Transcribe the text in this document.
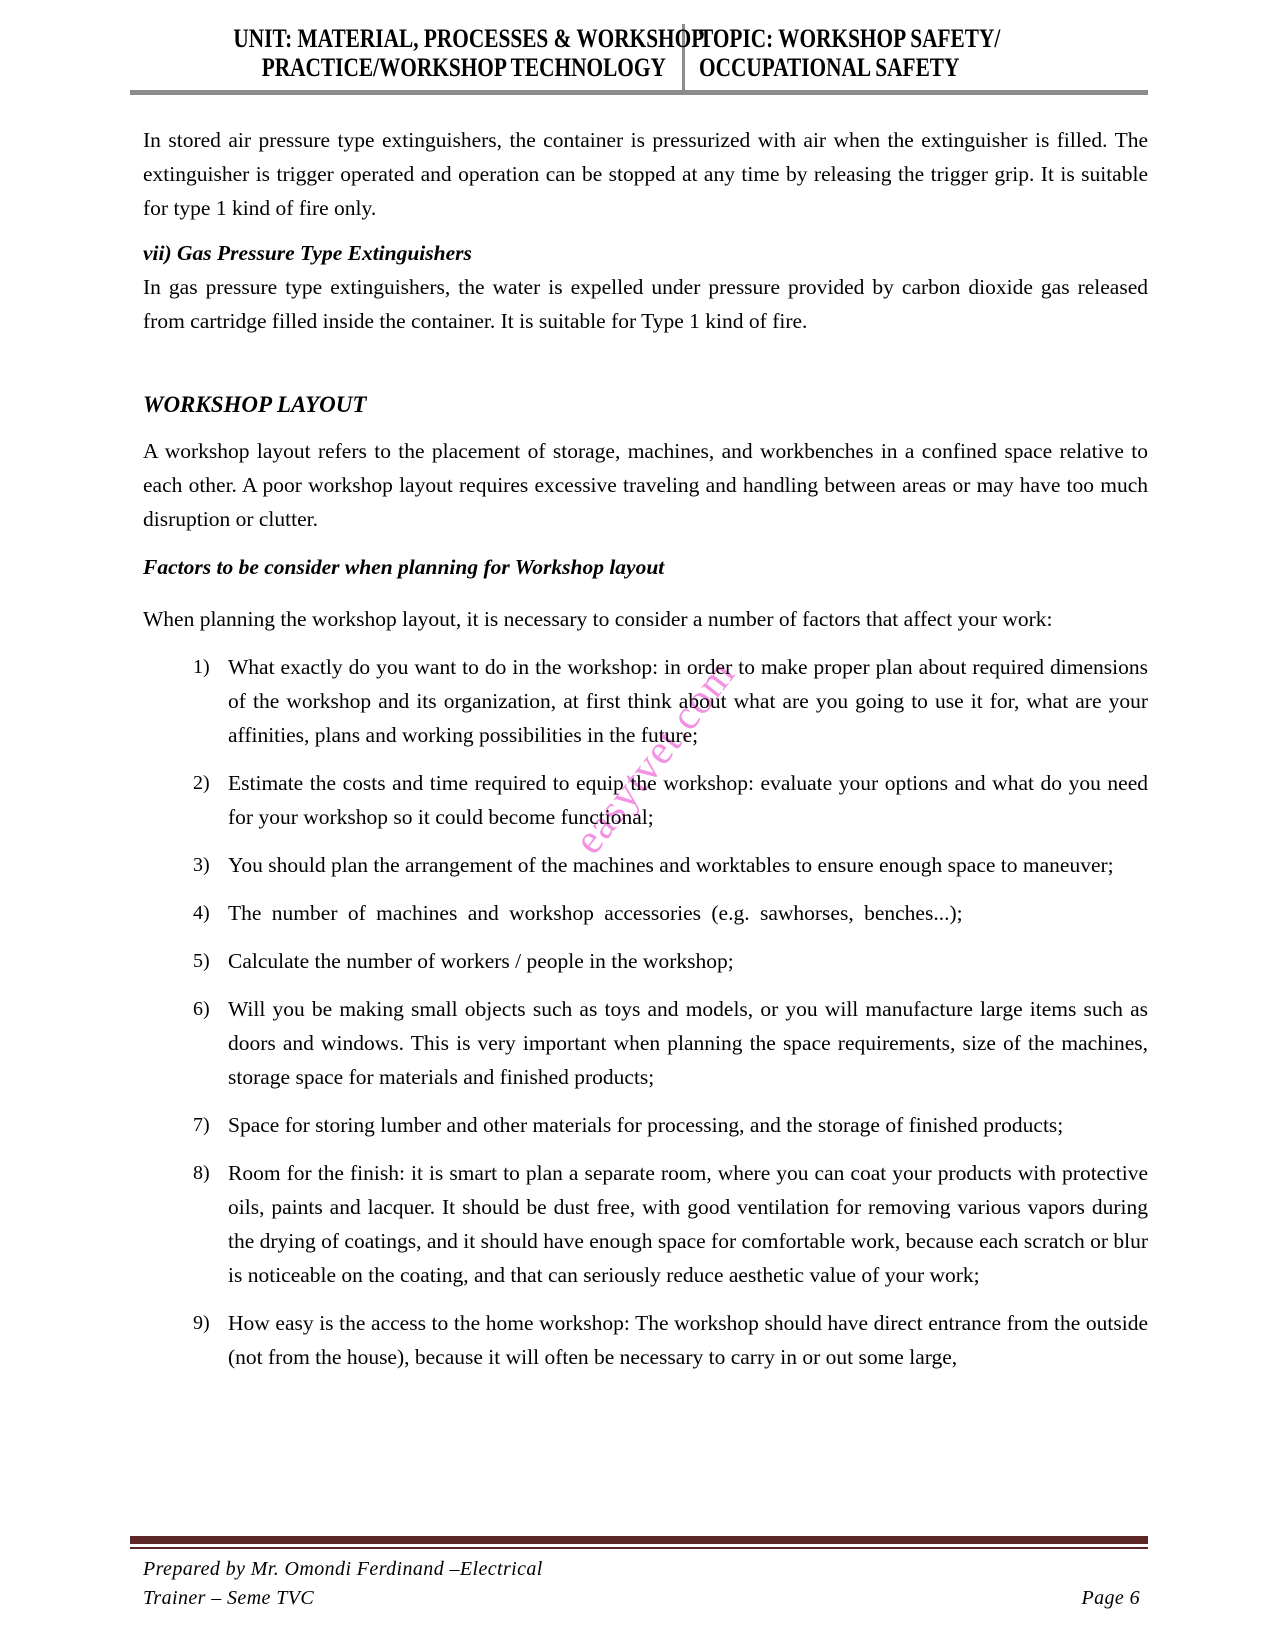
UNIT: MATERIAL, PROCESSES & WORKSHOP
PRACTICE/WORKSHOP TECHNOLOGY
TOPIC: WORKSHOP SAFETY/
OCCUPATIONAL SAFETY
easytvet.com

In stored air pressure type extinguishers, the container is pressurized with air when the extinguisher is filled. The extinguisher is trigger operated and operation can be stopped at any time by releasing the trigger grip. It is suitable for type 1 kind of fire only.

vii) Gas Pressure Type Extinguishers

In gas pressure type extinguishers, the water is expelled under pressure provided by carbon dioxide gas released from cartridge filled inside the container. It is suitable for Type 1 kind of fire.

WORKSHOP LAYOUT

A workshop layout refers to the placement of storage, machines, and workbenches in a confined space relative to each other. A poor workshop layout requires excessive traveling and handling between areas or may have too much disruption or clutter.

Factors to be consider when planning for Workshop layout

When planning the workshop layout, it is necessary to consider a number of factors that affect your work:

1) What exactly do you want to do in the workshop: in order to make proper plan about required dimensions of the workshop and its organization, at first think about what are you going to use it for, what are your affinities, plans and working possibilities in the future;
2) Estimate the costs and time required to equip the workshop: evaluate your options and what do you need for your workshop so it could become functional;
3) You should plan the arrangement of the machines and worktables to ensure enough space to maneuver;
4) The number of machines and workshop accessories (e.g. sawhorses, benches...);
5) Calculate the number of workers / people in the workshop;
6) Will you be making small objects such as toys and models, or you will manufacture large items such as doors and windows. This is very important when planning the space requirements, size of the machines, storage space for materials and finished products;
7) Space for storing lumber and other materials for processing, and the storage of finished products;
8) Room for the finish: it is smart to plan a separate room, where you can coat your products with protective oils, paints and lacquer. It should be dust free, with good ventilation for removing various vapors during the drying of coatings, and it should have enough space for comfortable work, because each scratch or blur is noticeable on the coating, and that can seriously reduce aesthetic value of your work;
9) How easy is the access to the home workshop: The workshop should have direct entrance from the outside (not from the house), because it will often be necessary to carry in or out some large,
Prepared by Mr. Omondi Ferdinand –Electrical
Trainer – Seme TVC	Page 6
